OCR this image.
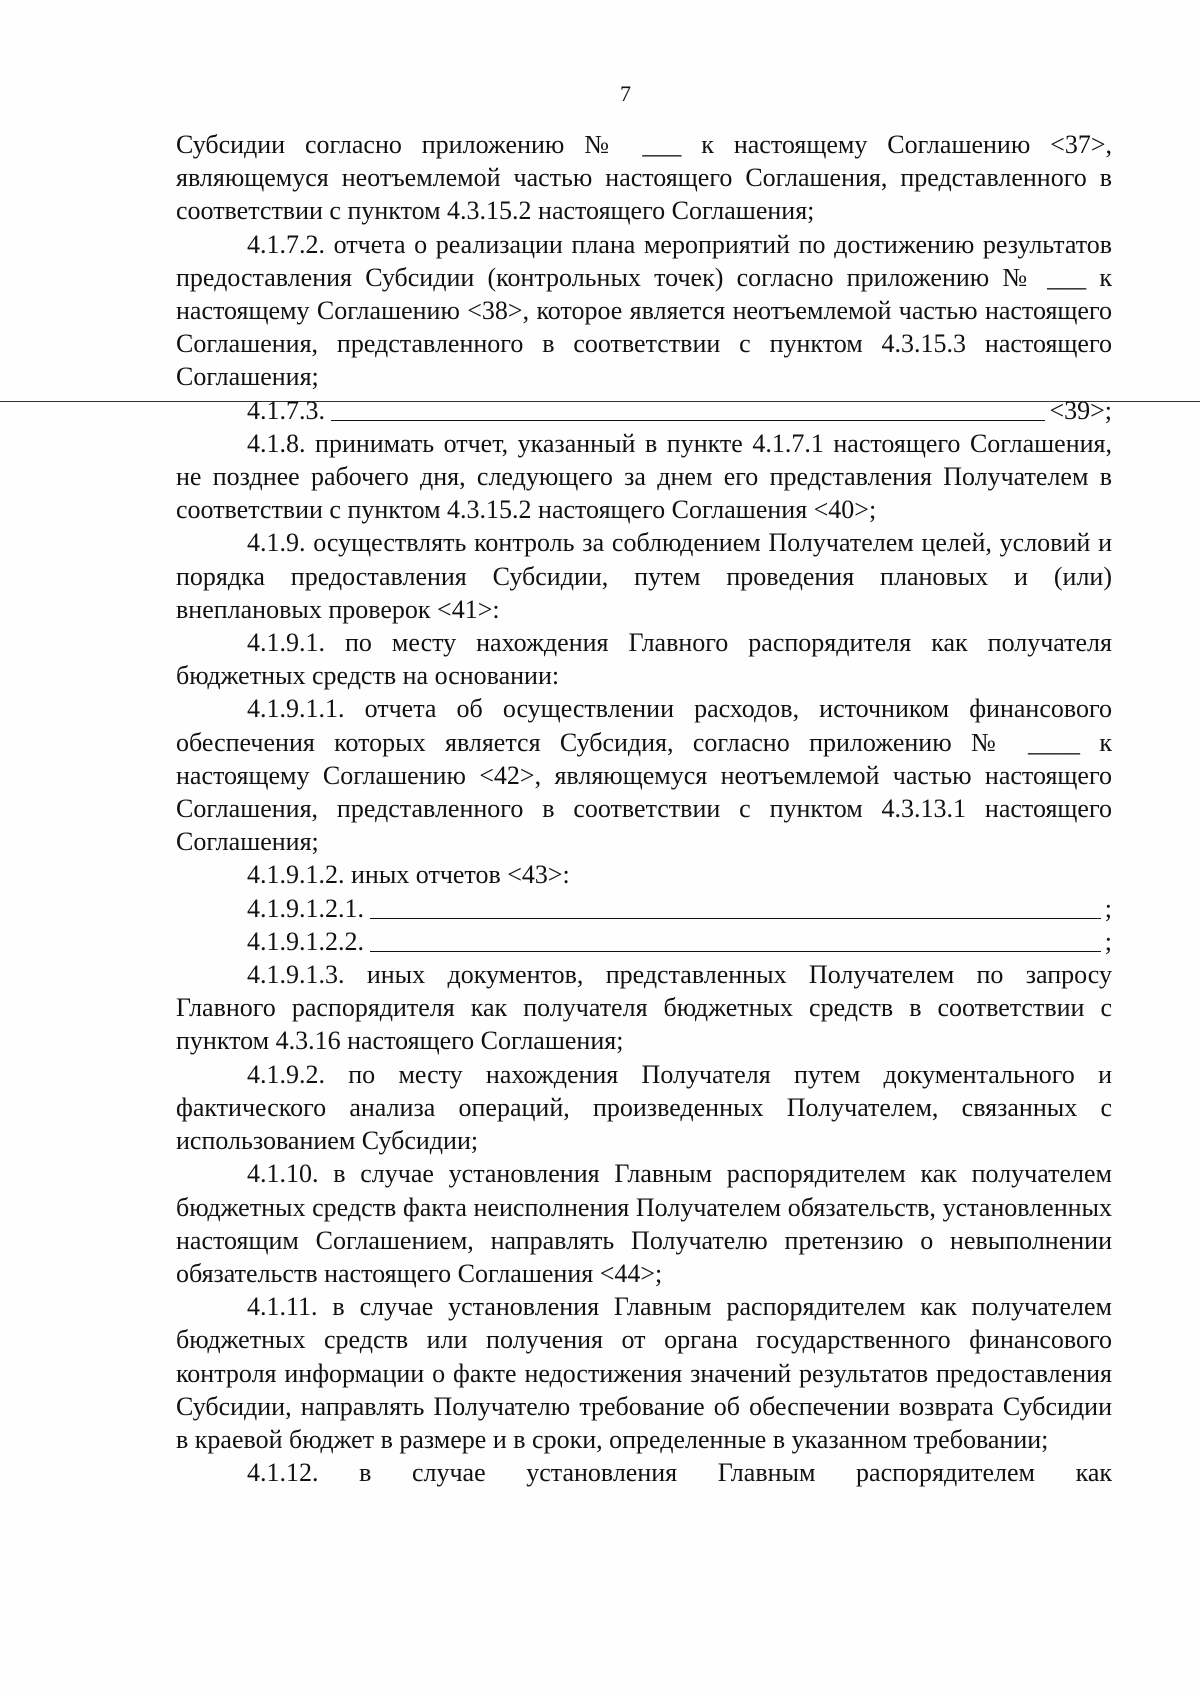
7

Субсидии согласно приложению № ___ к настоящему Соглашению <37>, являющемуся неотъемлемой частью настоящего Соглашения, представленного в соответствии с пунктом 4.3.15.2 настоящего Соглашения;

4.1.7.2. отчета о реализации плана мероприятий по достижению результатов предоставления Субсидии (контрольных точек) согласно приложению № ___ к настоящему Соглашению <38>, которое является неотъемлемой частью настоящего Соглашения, представленного в соответствии с пунктом 4.3.15.3 настоящего Соглашения;

4.1.7.3.	<39>;

4.1.8. принимать отчет, указанный в пункте 4.1.7.1 настоящего Соглашения, не позднее рабочего дня, следующего за днем его представления Получателем в соответствии с пунктом 4.3.15.2 настоящего Соглашения <40>;

4.1.9. осуществлять контроль за соблюдением Получателем целей, условий и порядка предоставления Субсидии, путем проведения плановых и (или) внеплановых проверок <41>:

4.1.9.1. по месту нахождения Главного распорядителя как получателя бюджетных средств на основании:

4.1.9.1.1. отчета об осуществлении расходов, источником финансового обеспечения которых является Субсидия, согласно приложению № ____ к настоящему Соглашению <42>, являющемуся неотъемлемой частью настоящего Соглашения, представленного в соответствии с пунктом 4.3.13.1 настоящего Соглашения;

4.1.9.1.2. иных отчетов <43>:

4.1.9.1.2.1.	;
4.1.9.1.2.2.	;

4.1.9.1.3. иных документов, представленных Получателем по запросу Главного распорядителя как получателя бюджетных средств в соответствии с пунктом 4.3.16 настоящего Соглашения;

4.1.9.2. по месту нахождения Получателя путем документального и фактического анализа операций, произведенных Получателем, связанных с использованием Субсидии;

4.1.10. в случае установления Главным распорядителем как получателем бюджетных средств факта неисполнения Получателем обязательств, установленных настоящим Соглашением, направлять Получателю претензию о невыполнении обязательств настоящего Соглашения <44>;

4.1.11. в случае установления Главным распорядителем как получателем бюджетных средств или получения от органа государственного финансового контроля информации о факте недостижения значений результатов предоставления Субсидии, направлять Получателю требование об обеспечении возврата Субсидии в краевой бюджет в размере и в сроки, определенные в указанном требовании;

4.1.12. в случае установления Главным распорядителем как
